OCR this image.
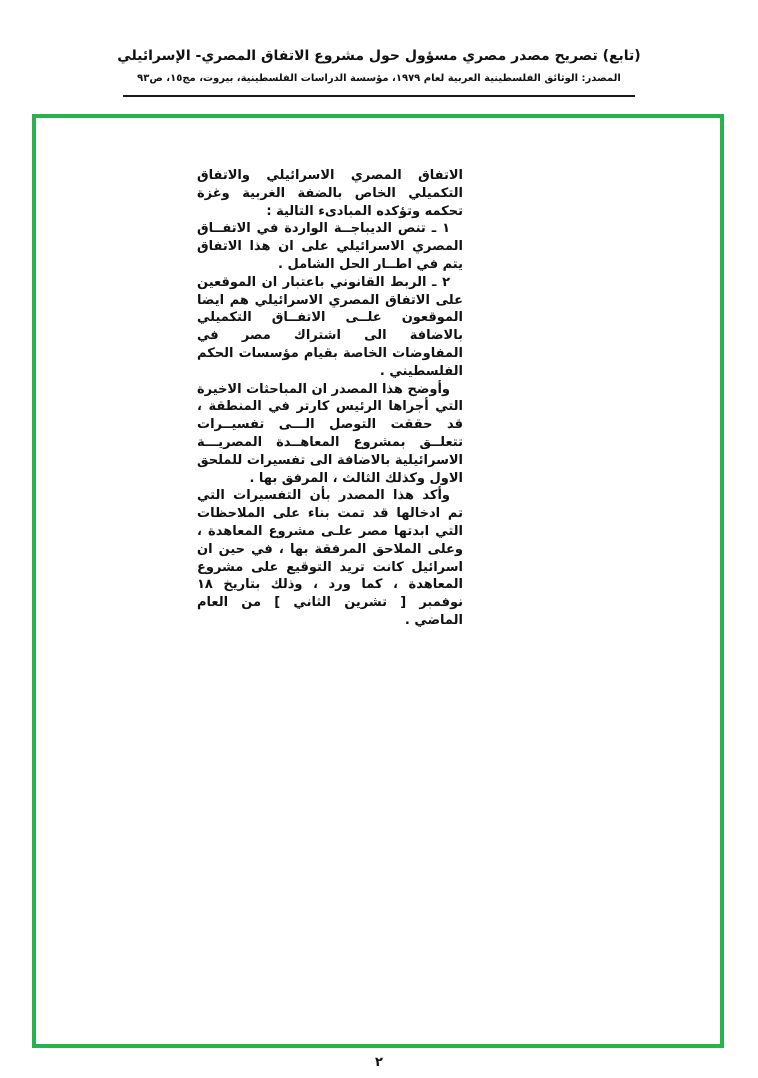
(تابع) تصريح مصدر مصري مسؤول حول مشروع الاتفاق المصري- الإسرائيلي
المصدر: الوثائق الفلسطينية العربية لعام ١٩٧٩، مؤسسة الدراسات الفلسطينية، بيروت، مج١٥، ص٩٣

الاتفاق المصري الاسرائيلي والاتفاق التكميلي الخاص بالضفة الغربية وغزة تحكمه وتؤكده المبادىء التالية :

١ ـ تنص الديباجــة الواردة في الاتفــاق المصري الاسرائيلي على ان هذا الاتفاق يتم في اطــار الحل الشامل .

٢ ـ الربط القانوني باعتبار ان الموقعين على الاتفاق المصري الاسرائيلي هم ايضا الموقعون علــى الاتفــاق التكميلي بالاضافة الى اشتراك مصر في المفاوضات الخاصة بقيام مؤسسات الحكم الفلسطيني .

وأوضح هذا المصدر ان المباحثات الاخيرة التي أجراها الرئيس كارتر في المنطقة ، قد حققت التوصل الـــى تفسيــرات تتعلــق بمشروع المعاهــدة المصريـــة الاسرائيلية بالاضافة الى تفسيرات للملحق الاول وكذلك الثالث ، المرفق بها .

وأكد هذا المصدر بأن التفسيرات التي تم ادخالها قد تمت بناء على الملاحظات التي ابدتها مصر علـى مشروع المعاهدة ، وعلى الملاحق المرفقة بها ، في حين ان اسرائيل كانت تريد التوقيع على مشروع المعاهدة ، كما ورد ، وذلك بتاريخ ١٨ نوفمبر [ تشرين الثاني ] من العام الماضي .

٢
